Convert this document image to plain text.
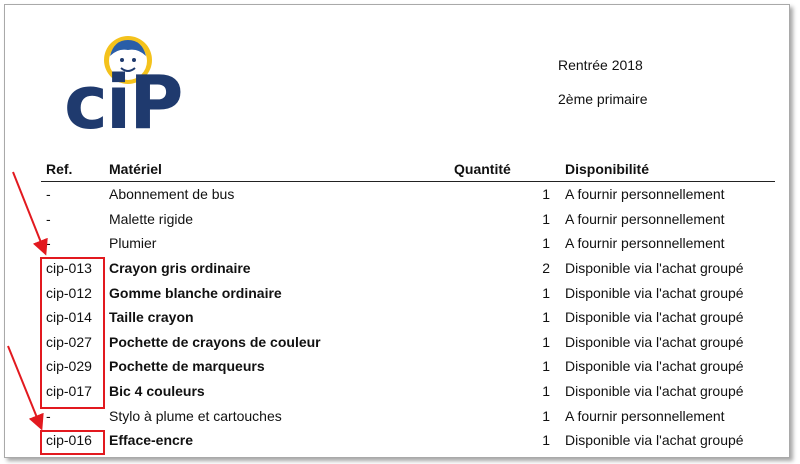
ciP	Rentrée 2018
2ème primaire
Ref.	Matériel	Quantité	Disponibilité
-	Abonnement de bus	1	A fournir personnellement
-	Malette rigide	1	A fournir personnellement
-	Plumier	1	A fournir personnellement
cip-013	Crayon gris ordinaire	2	Disponible via l'achat groupé
cip-012	Gomme blanche ordinaire	1	Disponible via l'achat groupé
cip-014	Taille crayon	1	Disponible via l'achat groupé
cip-027	Pochette de crayons de couleur	1	Disponible via l'achat groupé
cip-029	Pochette de marqueurs	1	Disponible via l'achat groupé
cip-017	Bic 4 couleurs	1	Disponible via l'achat groupé
-	Stylo à plume et cartouches	1	A fournir personnellement
cip-016	Efface-encre	1	Disponible via l'achat groupé
